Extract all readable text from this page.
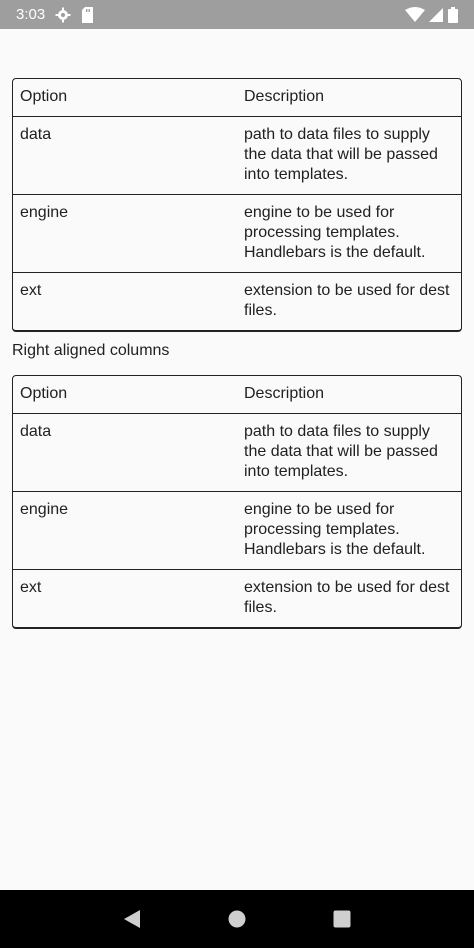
3:03
Option	Description
data	path to data files to supply the data that will be passed into templates.
engine	engine to be used for processing templates. Handlebars is the default.
ext	extension to be used for dest files.
Right aligned columns
Option	Description
data	path to data files to supply the data that will be passed into templates.
engine	engine to be used for processing templates. Handlebars is the default.
ext	extension to be used for dest files.
